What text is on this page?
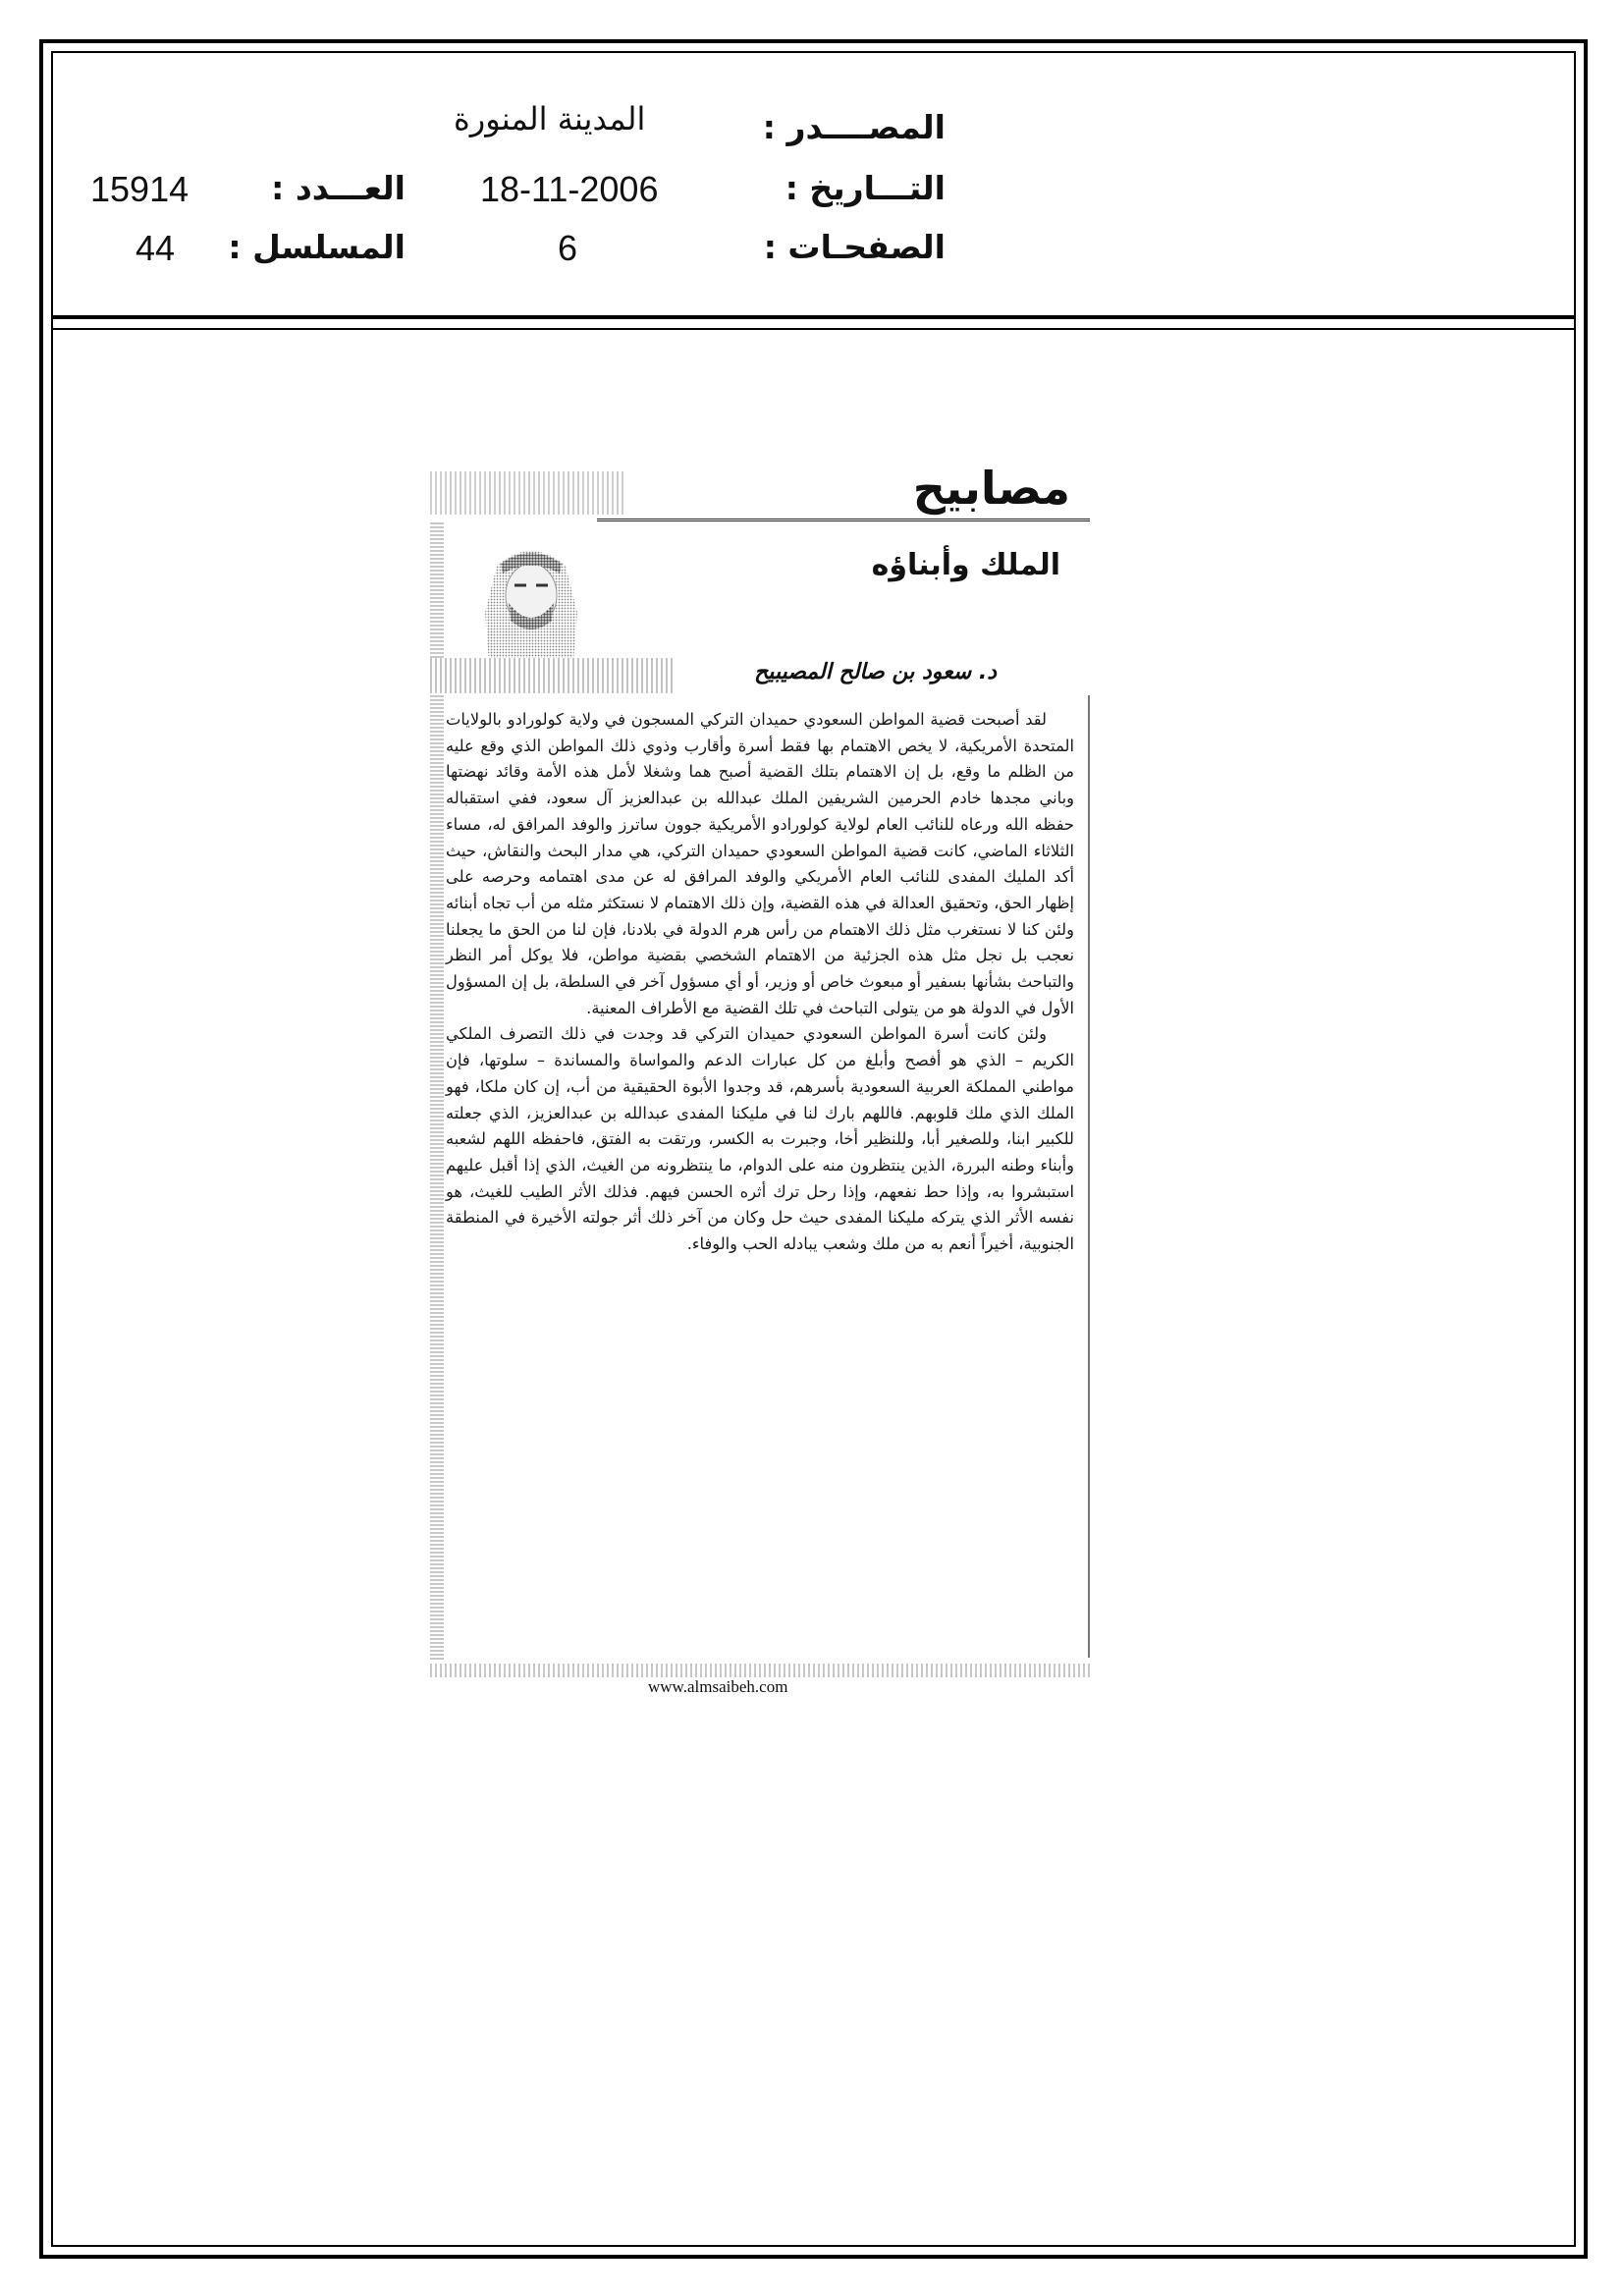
المصــــدر :
المدينة المنورة
التـــاريخ :
18-11-2006
الصفحـات :
6
العـــدد :
15914
المسلسل :
44
مصابيح
الملك وأبناؤه
د. سعود بن صالح المصيبيح

لقد أصبحت قضية المواطن السعودي حميدان التركي المسجون في ولاية كولورادو بالولايات المتحدة الأمريكية، لا يخص الاهتمام بها فقط أسرة وأقارب وذوي ذلك المواطن الذي وقع عليه من الظلم ما وقع، بل إن الاهتمام بتلك القضية أصبح هما وشغلا لأمل هذه الأمة وقائد نهضتها وباني مجدها خادم الحرمين الشريفين الملك عبدالله بن عبدالعزيز آل سعود، ففي استقباله حفظه الله ورعاه للنائب العام لولاية كولورادو الأمريكية جوون ساترز والوفد المرافق له، مساء الثلاثاء الماضي، كانت قضية المواطن السعودي حميدان التركي، هي مدار البحث والنقاش، حيث أكد المليك المفدى للنائب العام الأمريكي والوفد المرافق له عن مدى اهتمامه وحرصه على إظهار الحق، وتحقيق العدالة في هذه القضية، وإن ذلك الاهتمام لا نستكثر مثله من أب تجاه أبنائه ولئن كنا لا نستغرب مثل ذلك الاهتمام من رأس هرم الدولة في بلادنا، فإن لنا من الحق ما يجعلنا نعجب بل نجل مثل هذه الجزئية من الاهتمام الشخصي بقضية مواطن، فلا يوكل أمر النظر والتباحث بشأنها بسفير أو مبعوث خاص أو وزير، أو أي مسؤول آخر في السلطة، بل إن المسؤول الأول في الدولة هو من يتولى التباحث في تلك القضية مع الأطراف المعنية.

ولئن كانت أسرة المواطن السعودي حميدان التركي قد وجدت في ذلك التصرف الملكي الكريم – الذي هو أفصح وأبلغ من كل عبارات الدعم والمواساة والمساندة – سلوتها، فإن مواطني المملكة العربية السعودية بأسرهم، قد وجدوا الأبوة الحقيقية من أب، إن كان ملكا، فهو الملك الذي ملك قلوبهم. فاللهم بارك لنا في مليكنا المفدى عبدالله بن عبدالعزيز، الذي جعلته للكبير ابنا، وللصغير أبا، وللنظير أخا، وجبرت به الكسر، ورتقت به الفتق، فاحفظه اللهم لشعبه وأبناء وطنه البررة، الذين ينتظرون منه على الدوام، ما ينتظرونه من الغيث، الذي إذا أقبل عليهم استبشروا به، وإذا حط نفعهم، وإذا رحل ترك أثره الحسن فيهم. فذلك الأثر الطيب للغيث، هو نفسه الأثر الذي يتركه مليكنا المفدى حيث حل وكان من آخر ذلك أثر جولته الأخيرة في المنطقة الجنوبية، أخيراً أنعم به من ملك وشعب يبادله الحب والوفاء.

www.almsaibeh.com
